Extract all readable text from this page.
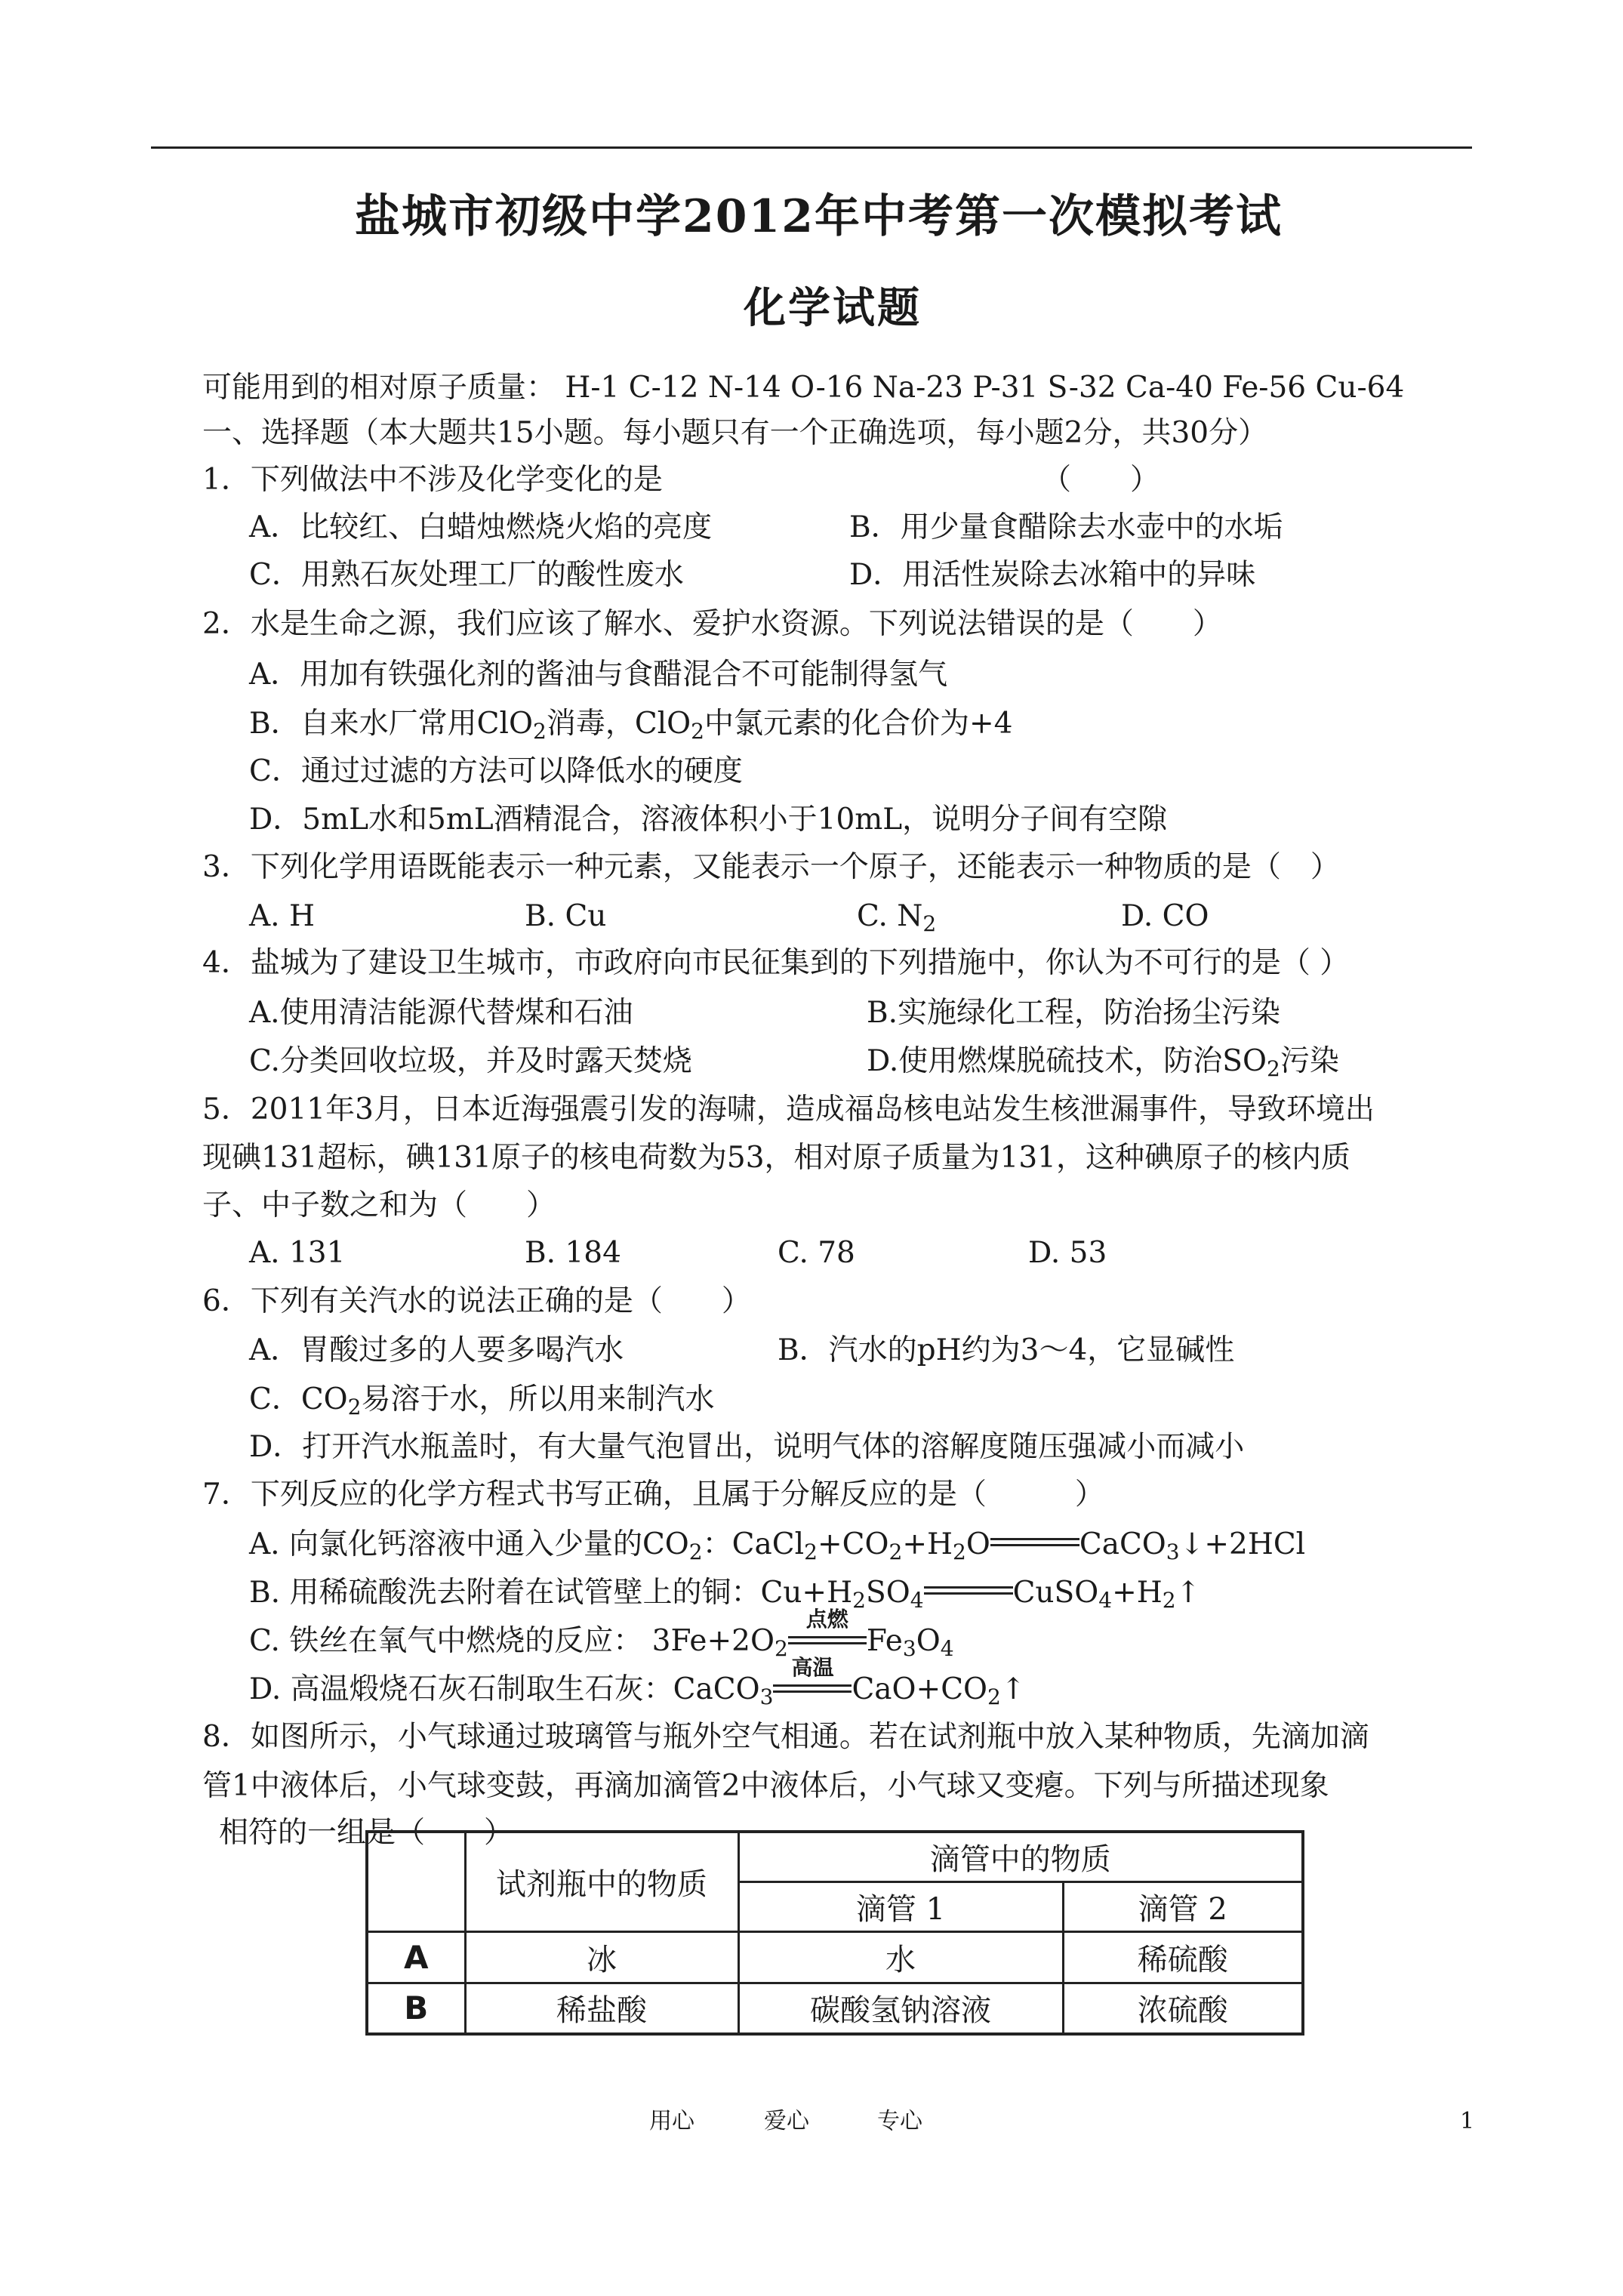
盐城市初级中学2012年中考第一次模拟考试
化学试题
可能用到的相对原子质量： H-1 C-12 N-14 O-16 Na-23 P-31 S-32 Ca-40 Fe-56 Cu-64
一、选择题（本大题共15小题。每小题只有一个正确选项，每小题2分，共30分）
1．下列做法中不涉及化学变化的是	（　　）
A．比较红、白蜡烛燃烧火焰的亮度	B．用少量食醋除去水壶中的水垢
C．用熟石灰处理工厂的酸性废水	D．用活性炭除去冰箱中的异味
2．水是生命之源，我们应该了解水、爱护水资源。下列说法错误的是（　　）
A．用加有铁强化剂的酱油与食醋混合不可能制得氢气
B．自来水厂常用ClO$_2$消毒，ClO$_2$中氯元素的化合价为+4
C．通过过滤的方法可以降低水的硬度
D．5mL水和5mL酒精混合，溶液体积小于10mL，说明分子间有空隙
3．下列化学用语既能表示一种元素，又能表示一个原子，还能表示一种物质的是（　）
A. H	B. Cu	C. $N_2$	D. CO
4．盐城为了建设卫生城市，市政府向市民征集到的下列措施中，你认为不可行的是（ ）
A.使用清洁能源代替煤和石油	B.实施绿化工程，防治扬尘污染
C.分类回收垃圾，并及时露天焚烧	D.使用燃煤脱硫技术，防治$SO_2$污染
5．2011年3月，日本近海强震引发的海啸，造成福岛核电站发生核泄漏事件，导致环境出
现碘131超标，碘131原子的核电荷数为53，相对原子质量为131，这种碘原子的核内质
子、中子数之和为（　　）
A. 131	B. 184	C. 78	D. 53
6．下列有关汽水的说法正确的是（　　）
A．胃酸过多的人要多喝汽水	B．汽水的pH约为3～4，它显碱性
C．$CO_2$易溶于水，所以用来制汽水
D．打开汽水瓶盖时，有大量气泡冒出，说明气体的溶解度随压强减小而减小
7．下列反应的化学方程式书写正确，且属于分解反应的是（　　　）
A. 向氯化钙溶液中通入少量的$CO_2$：$CaCl_2+CO_2+H_2O$	CaCO$_3$↓+2HCl
B. 用稀硫酸洗去附着在试管壁上的铜：$Cu+H_2SO_4$	$CuSO_4+H_2↑$
C. 铁丝在氧气中燃烧的反应： $3Fe+2O_2$
点燃
$Fe_3O_4$
D. 高温煅烧石灰石制取生石灰：CaCO$_3$
高温
$CaO+CO_2↑$
8．如图所示，小气球通过玻璃管与瓶外空气相通。若在试剂瓶中放入某种物质，先滴加滴
管1中液体后，小气球变鼓，再滴加滴管2中液体后，小气球又变瘪。下列与所描述现象
相符的一组是（　　）
	试剂瓶中的物质	滴管中的物质	
		滴管 1	滴管 2
A	冰	水	稀硫酸
B	稀盐酸	碳酸氢钠溶液	浓硫酸
用心	爱心	专心	1
